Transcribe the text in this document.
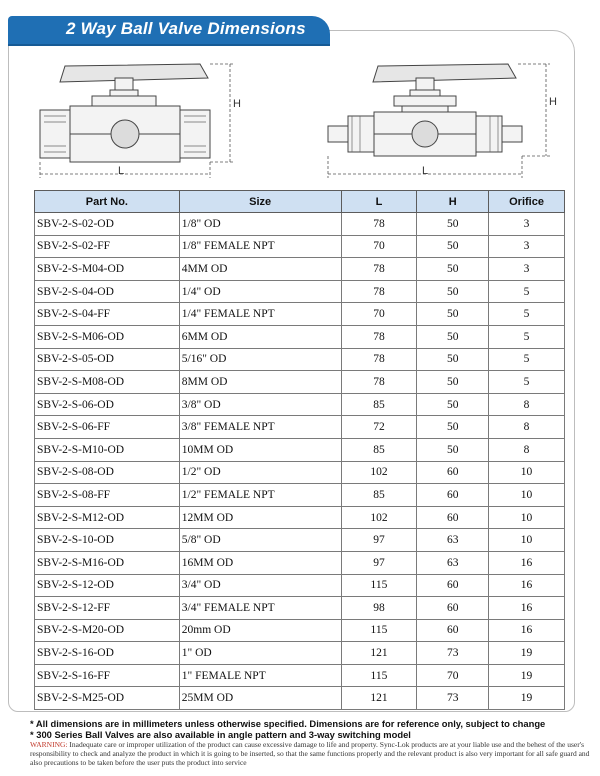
2 Way Ball Valve Dimensions
H
L
H
L
Part No.	Size	L	H	Orifice
SBV-2-S-02-OD	1/8" OD	78	50	3
SBV-2-S-02-FF	1/8" FEMALE NPT	70	50	3
SBV-2-S-M04-OD	4MM OD	78	50	3
SBV-2-S-04-OD	1/4" OD	78	50	5
SBV-2-S-04-FF	1/4" FEMALE NPT	70	50	5
SBV-2-S-M06-OD	6MM OD	78	50	5
SBV-2-S-05-OD	5/16" OD	78	50	5
SBV-2-S-M08-OD	8MM OD	78	50	5
SBV-2-S-06-OD	3/8" OD	85	50	8
SBV-2-S-06-FF	3/8" FEMALE NPT	72	50	8
SBV-2-S-M10-OD	10MM OD	85	50	8
SBV-2-S-08-OD	1/2" OD	102	60	10
SBV-2-S-08-FF	1/2" FEMALE NPT	85	60	10
SBV-2-S-M12-OD	12MM OD	102	60	10
SBV-2-S-10-OD	5/8" OD	97	63	10
SBV-2-S-M16-OD	16MM OD	97	63	16
SBV-2-S-12-OD	3/4" OD	115	60	16
SBV-2-S-12-FF	3/4" FEMALE NPT	98	60	16
SBV-2-S-M20-OD	20mm OD	115	60	16
SBV-2-S-16-OD	1" OD	121	73	19
SBV-2-S-16-FF	1" FEMALE NPT	115	70	19
SBV-2-S-M25-OD	25MM OD	121	73	19
* All dimensions are in millimeters unless otherwise specified. Dimensions are for reference only, subject to change
* 300 Series Ball Valves are also available in angle pattern and 3-way switching model
WARNING: Inadequate care or improper utilization of the product can cause excessive damage to life and property. Sync-Lok products are at your liable use and the behest of the user's responsibility to check and analyze the product in which it is going to be inserted, so that the same functions properly and the relevant product is also very important for all safe guard and also precautions to be taken before the user puts the product into service
